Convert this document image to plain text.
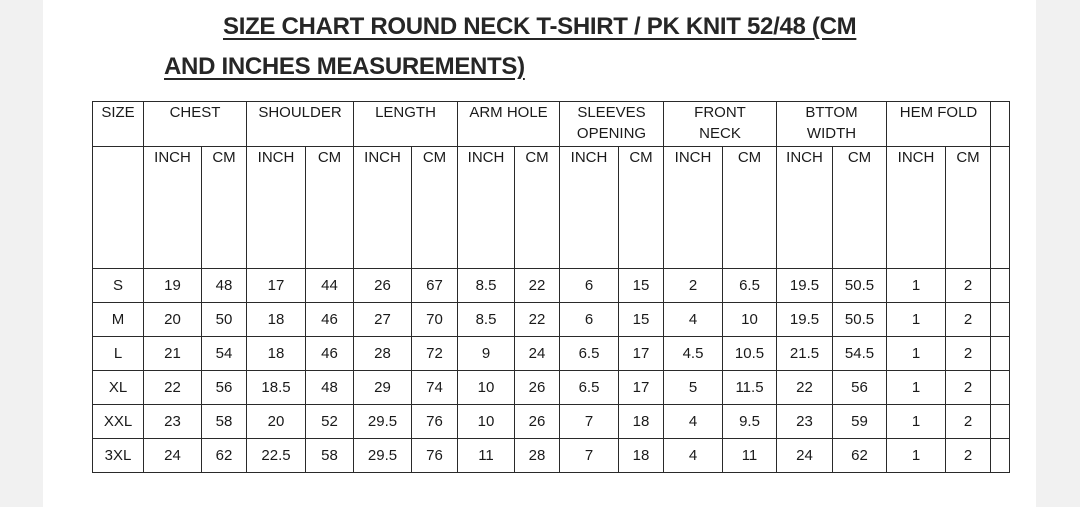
SIZE CHART ROUND NECK T-SHIRT / PK KNIT 52/48 (CM
AND INCHES MEASUREMENTS)
SIZE	CHEST		SHOULDER		LENGTH		ARM HOLE		SLEEVES OPENING		FRONT NECK		BTTOM WIDTH		HEM FOLD		
	INCH	CM	INCH	CM	INCH	CM	INCH	CM	INCH	CM	INCH	CM	INCH	CM	INCH	CM	
S	19	48	17	44	26	67	8.5	22	6	15	2	6.5	19.5	50.5	1	2	
M	20	50	18	46	27	70	8.5	22	6	15	4	10	19.5	50.5	1	2	
L	21	54	18	46	28	72	9	24	6.5	17	4.5	10.5	21.5	54.5	1	2	
XL	22	56	18.5	48	29	74	10	26	6.5	17	5	11.5	22	56	1	2	
XXL	23	58	20	52	29.5	76	10	26	7	18	4	9.5	23	59	1	2	
3XL	24	62	22.5	58	29.5	76	11	28	7	18	4	11	24	62	1	2	
